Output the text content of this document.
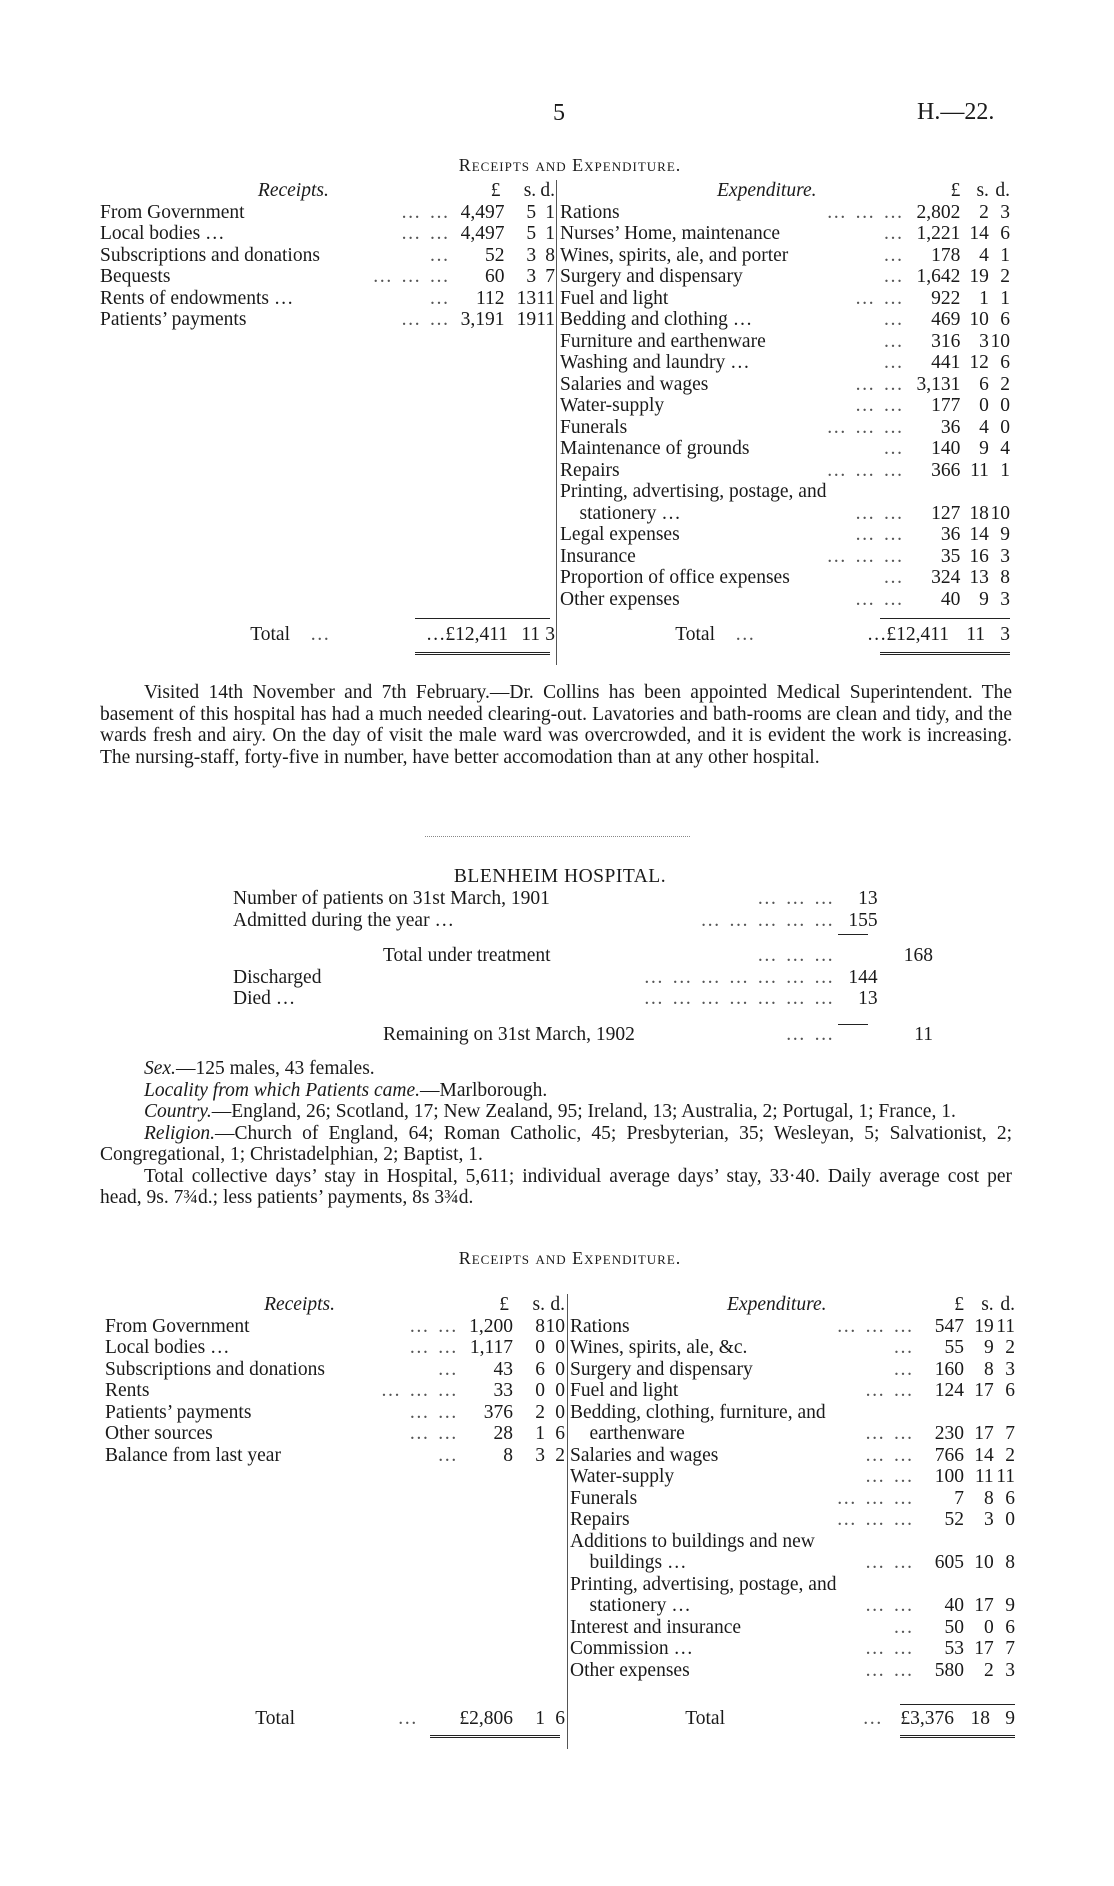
5	H.—22.
Receipts and Expenditure.
Receipts.		£	s.	d.
From Government	… …	4,497	5	1
Local bodies …	… …	4,497	5	1
Subscriptions and donations	…	52	3	8
Bequests	… … …	60	3	7
Rents of endowments …	…	112	13	11
Patients’ payments	… …	3,191	19	11
Expenditure.		£	s.	d.
Rations	… … …	2,802	2	3
Nurses’ Home, maintenance	…	1,221	14	6
Wines, spirits, ale, and porter	…	178	4	1
Surgery and dispensary	…	1,642	19	2
Fuel and light	… …	922	1	1
Bedding and clothing …	…	469	10	6
Furniture and earthenware	…	316	3	10
Washing and laundry …	…	441	12	6
Salaries and wages	… …	3,131	6	2
Water-supply	… …	177	0	0
Funerals	… … …	36	4	0
Maintenance of grounds	…	140	9	4
Repairs	… … …	366	11	1
Printing, advertising, postage, and				
stationery …	… …	127	18	10
Legal expenses	… …	36	14	9
Insurance	… … …	35	16	3
Proportion of office expenses	…	324	13	8
Other expenses	… …	40	9	3
Total	…	…£12,411	11	3	Total	…	…£12,411	11	3

Visited 14th November and 7th February.—Dr. Collins has been appointed Medical Superintendent. The basement of this hospital has had a much needed clearing-out. Lavatories and bath-rooms are clean and tidy, and the wards fresh and airy. On the day of visit the male ward was overcrowded, and it is evident the work is increasing. The nursing-staff, forty-five in number, have better accomodation than at any other hospital.

BLENHEIM HOSPITAL.
Number of patients on 31st March, 1901	… … …	13		
Admitted during the year …	… … … … …	155		
Total under treatment	… … …			168
Discharged	… … … … … … …	144		
Died …	… … … … … … …	13		
Remaining on 31st March, 1902	… …			11

Sex.—125 males, 43 females.

Locality from which Patients came.—Marlborough.

Country.—England, 26; Scotland, 17; New Zealand, 95; Ireland, 13; Australia, 2; Portugal, 1; France, 1.

Religion.—Church of England, 64; Roman Catholic, 45; Presbyterian, 35; Wesleyan, 5; Salvationist, 2; Congregational, 1; Christadelphian, 2; Baptist, 1.

Total collective days’ stay in Hospital, 5,611; individual average days’ stay, 33·40. Daily average cost per head, 9s. 7¾d.; less patients’ payments, 8s 3¾d.

Receipts and Expenditure.
Receipts.		£	s.	d.
From Government	… …	1,200	8	10
Local bodies …	… …	1,117	0	0
Subscriptions and donations	…	43	6	0
Rents	… … …	33	0	0
Patients’ payments	… …	376	2	0
Other sources	… …	28	1	6
Balance from last year	…	8	3	2
Expenditure.		£	s.	d.
Rations	… … …	547	19	11
Wines, spirits, ale, &c.	…	55	9	2
Surgery and dispensary	…	160	8	3
Fuel and light	… …	124	17	6
Bedding, clothing, furniture, and				
earthenware	… …	230	17	7
Salaries and wages	… …	766	14	2
Water-supply	… …	100	11	11
Funerals	… … …	7	8	6
Repairs	… … …	52	3	0
Additions to buildings and new				
buildings …	… …	605	10	8
Printing, advertising, postage, and				
stationery …	… …	40	17	9
Interest and insurance	…	50	0	6
Commission …	… …	53	17	7
Other expenses	… …	580	2	3
Total	…	£2,806	1	6	Total	…	£3,376	18	9
